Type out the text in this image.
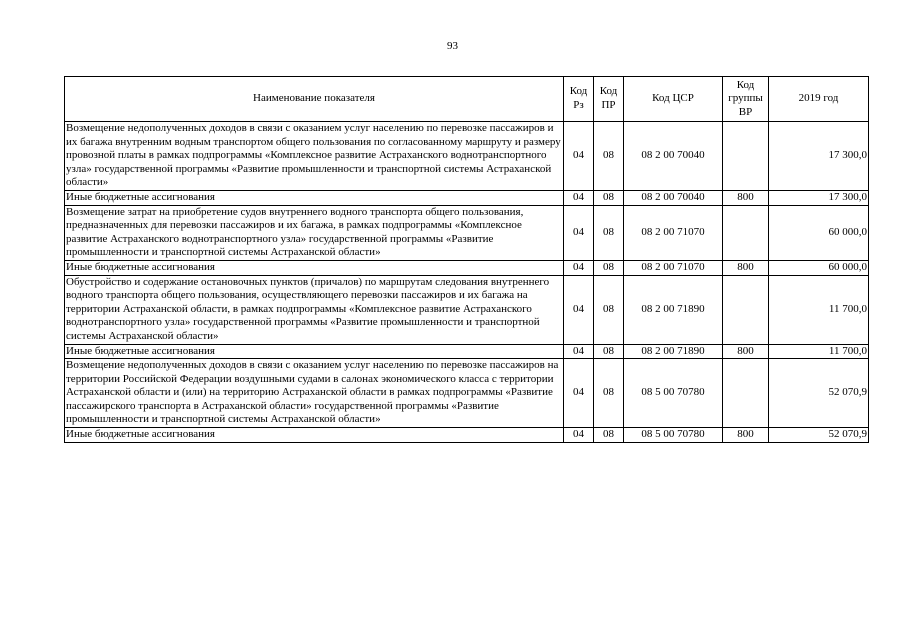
93
Наименование показателя	Код Рз	Код ПР	Код ЦСР	Код группы ВР	2019 год
Возмещение недополученных доходов в связи с оказанием услуг населению по перевозке пассажиров и их багажа внутренним водным транспортом общего пользования по согласованному маршруту и размеру провозной платы в рамках подпрограммы «Комплексное развитие Астраханского воднотранспортного узла» государственной программы «Развитие промышленности и транспортной системы Астраханской области»	04	08	08 2 00 70040		17 300,0
Иные бюджетные ассигнования	04	08	08 2 00 70040	800	17 300,0
Возмещение затрат на приобретение судов внутреннего водного транспорта общего пользования, предназначенных для перевозки пассажиров и их багажа, в рамках подпрограммы «Комплексное развитие Астраханского воднотранспортного узла» государственной программы «Развитие промышленности и транспортной системы Астраханской области»	04	08	08 2 00 71070		60 000,0
Иные бюджетные ассигнования	04	08	08 2 00 71070	800	60 000,0
Обустройство и содержание остановочных пунктов (причалов) по маршрутам следования внутреннего водного транспорта общего пользования, осуществляющего перевозки пассажиров и их багажа на территории Астраханской области, в рамках подпрограммы «Комплексное развитие Астраханского воднотранспортного узла» государственной программы «Развитие промышленности и транспортной системы Астраханской области»	04	08	08 2 00 71890		11 700,0
Иные бюджетные ассигнования	04	08	08 2 00 71890	800	11 700,0
Возмещение недополученных доходов в связи с оказанием услуг населению по перевозке пассажиров на территории Российской Федерации воздушными судами в салонах экономического класса с территории Астраханской области и (или) на территорию Астраханской области в рамках подпрограммы «Развитие пассажирского транспорта в Астраханской области» государственной программы «Развитие промышленности и транспортной системы Астраханской области»	04	08	08 5 00 70780		52 070,9
Иные бюджетные ассигнования	04	08	08 5 00 70780	800	52 070,9
